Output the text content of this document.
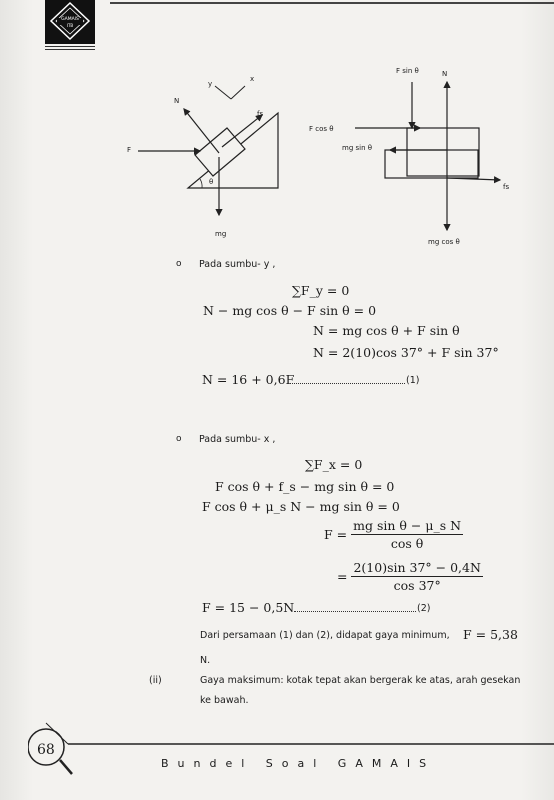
GAMAIS
ITB
y
x
N
fs
F
θ
mg
F sin θ	N
F cos θ
mg sin θ
fs
mg cos θ
o Pada sumbu- y ,
∑F_y = 0
N − mg cos θ − F sin θ = 0
N = mg cos θ + F sin θ
N = 2(10)cos 37° + F sin 37°
N = 16 + 0,6F	(1)
o Pada sumbu- x ,
∑F_x = 0
F cos θ + f_s − mg sin θ = 0
F cos θ + μ_s N − mg sin θ = 0
$F = \frac{\text{mg sin θ − μ\_s N}}{\text{cos θ}}$
= $\frac{2(10)\sin 37^\circ - 0,4N}{\cos 37^\circ}$
F = 15 − 0,5N	(2)
Dari persamaan (1) dan (2), didapat gaya minimum, F = 5,38
N.
(ii)	Gaya maksimum: kotak tepat akan bergerak ke atas, arah gesekan
ke bawah.
68
Bundel Soal GAMAIS
